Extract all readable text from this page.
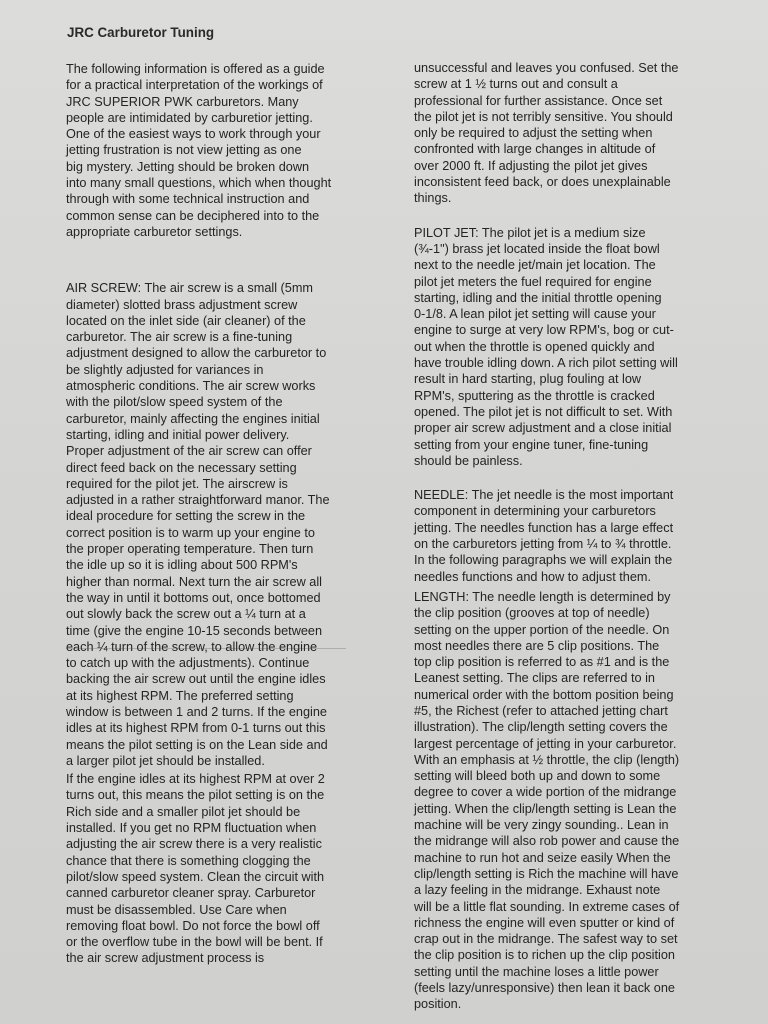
JRC Carburetor Tuning

The following information is offered as a guide
for a practical interpretation of the workings of
JRC SUPERIOR PWK carburetors. Many
people are intimidated by carburetior jetting.
One of the easiest ways to work through your
jetting frustration is not view jetting as one
big mystery. Jetting should be broken down
into many small questions, which when thought
through with some technical instruction and
common sense can be deciphered into to the
appropriate carburetor settings.

AIR SCREW: The air screw is a small (5mm
diameter) slotted brass adjustment screw
located on the inlet side (air cleaner) of the
carburetor. The air screw is a fine-tuning
adjustment designed to allow the carburetor to
be slightly adjusted for variances in
atmospheric conditions. The air screw works
with the pilot/slow speed system of the
carburetor, mainly affecting the engines initial
starting, idling and initial power delivery.
Proper adjustment of the air screw can offer
direct feed back on the necessary setting
required for the pilot jet. The airscrew is
adjusted in a rather straightforward manor. The
ideal procedure for setting the screw in the
correct position is to warm up your engine to
the proper operating temperature. Then turn
the idle up so it is idling about 500 RPM's
higher than normal. Next turn the air screw all
the way in until it bottoms out, once bottomed
out slowly back the screw out a ¼ turn at a
time (give the engine 10-15 seconds between
each ¼ turn of the screw, to allow the engine
to catch up with the adjustments). Continue
backing the air screw out until the engine idles
at its highest RPM. The preferred setting
window is between 1 and 2 turns. If the engine
idles at its highest RPM from 0-1 turns out this
means the pilot setting is on the Lean side and
a larger pilot jet should be installed.

If the engine idles at its highest RPM at over 2
turns out, this means the pilot setting is on the
Rich side and a smaller pilot jet should be
installed. If you get no RPM fluctuation when
adjusting the air screw there is a very realistic
chance that there is something clogging the
pilot/slow speed system. Clean the circuit with
canned carburetor cleaner spray. Carburetor
must be disassembled. Use Care when
removing float bowl. Do not force the bowl off
or the overflow tube in the bowl will be bent. If
the air screw adjustment process is

unsuccessful and leaves you confused. Set the
screw at 1 ½ turns out and consult a
professional for further assistance. Once set
the pilot jet is not terribly sensitive. You should
only be required to adjust the setting when
confronted with large changes in altitude of
over 2000 ft. If adjusting the pilot jet gives
inconsistent feed back, or does unexplainable
things.

PILOT JET: The pilot jet is a medium size
(¾-1") brass jet located inside the float bowl
next to the needle jet/main jet location. The
pilot jet meters the fuel required for engine
starting, idling and the initial throttle opening
0-1/8. A lean pilot jet setting will cause your
engine to surge at very low RPM's, bog or cut-
out when the throttle is opened quickly and
have trouble idling down. A rich pilot setting will
result in hard starting, plug fouling at low
RPM's, sputtering as the throttle is cracked
opened. The pilot jet is not difficult to set. With
proper air screw adjustment and a close initial
setting from your engine tuner, fine-tuning
should be painless.

NEEDLE: The jet needle is the most important
component in determining your carburetors
jetting. The needles function has a large effect
on the carburetors jetting from ¼ to ¾ throttle.
In the following paragraphs we will explain the
needles functions and how to adjust them.

LENGTH: The needle length is determined by
the clip position (grooves at top of needle)
setting on the upper portion of the needle. On
most needles there are 5 clip positions. The
top clip position is referred to as #1 and is the
Leanest setting. The clips are referred to in
numerical order with the bottom position being
#5, the Richest (refer to attached jetting chart
illustration). The clip/length setting covers the
largest percentage of jetting in your carburetor.
With an emphasis at ½ throttle, the clip (length)
setting will bleed both up and down to some
degree to cover a wide portion of the midrange
jetting. When the clip/length setting is Lean the
machine will be very zingy sounding.. Lean in
the midrange will also rob power and cause the
machine to run hot and seize easily When the
clip/length setting is Rich the machine will have
a lazy feeling in the midrange. Exhaust note
will be a little flat sounding. In extreme cases of
richness the engine will even sputter or kind of
crap out in the midrange. The safest way to set
the clip position is to richen up the clip position
setting until the machine loses a little power
(feels lazy/unresponsive) then lean it back one
position.
